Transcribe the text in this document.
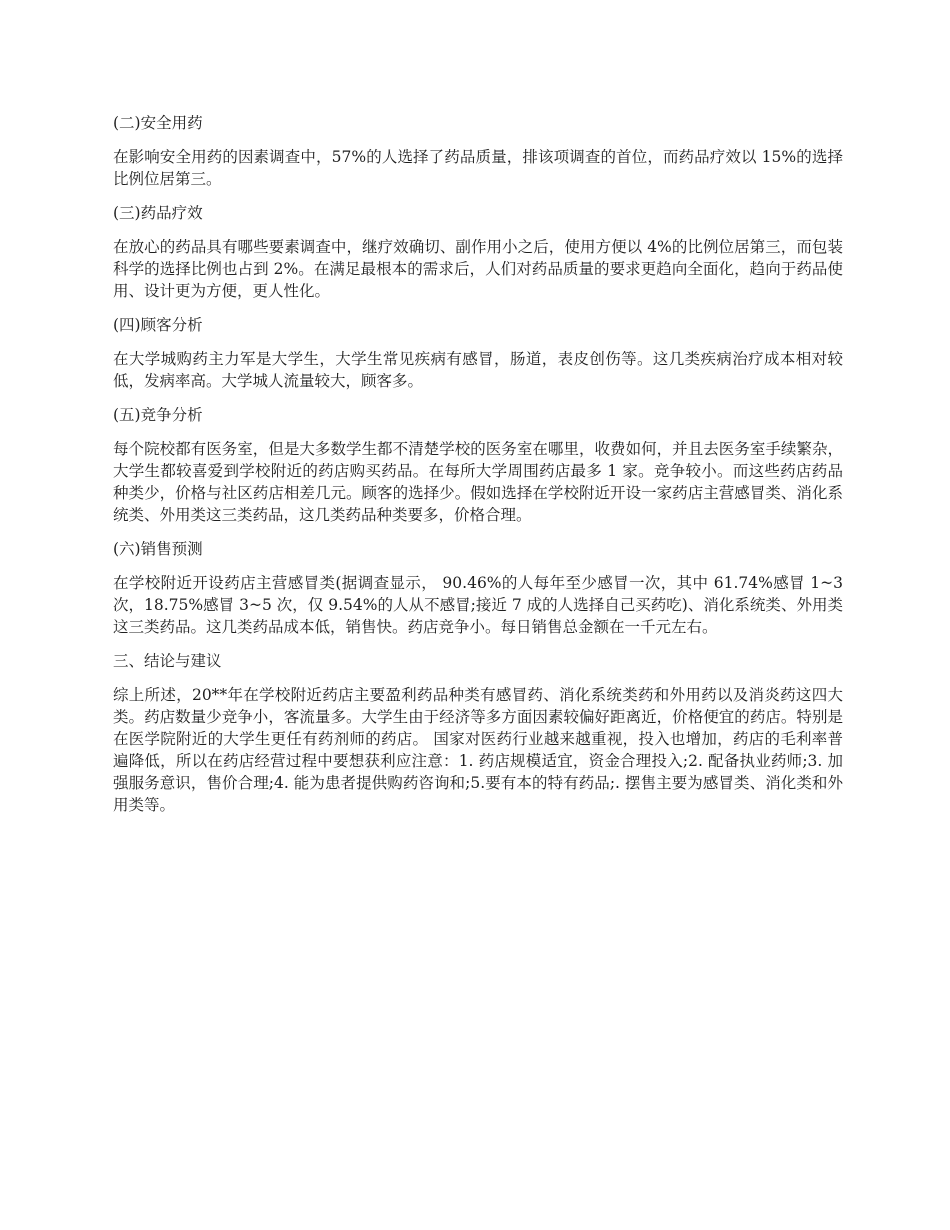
(二)安全用药
在影响安全用药的因素调查中，57%的人选择了药品质量，排该项调查的首位，而药品疗效以 15%的选择比例位居第三。
(三)药品疗效
在放心的药品具有哪些要素调查中，继疗效确切、副作用小之后，使用方便以 4%的比例位居第三，而包装科学的选择比例也占到 2%。在满足最根本的需求后，人们对药品质量的要求更趋向全面化，趋向于药品使用、设计更为方便，更人性化。
(四)顾客分析
在大学城购药主力军是大学生，大学生常见疾病有感冒，肠道，表皮创伤等。这几类疾病治疗成本相对较低，发病率高。大学城人流量较大，顾客多。
(五)竞争分析
每个院校都有医务室，但是大多数学生都不清楚学校的医务室在哪里，收费如何，并且去医务室手续繁杂，大学生都较喜爱到学校附近的药店购买药品。在每所大学周围药店最多 1 家。竞争较小。而这些药店药品种类少，价格与社区药店相差几元。顾客的选择少。假如选择在学校附近开设一家药店主营感冒类、消化系统类、外用类这三类药品，这几类药品种类要多，价格合理。
(六)销售预测
在学校附近开设药店主营感冒类(据调查显示， 90.46%的人每年至少感冒一次，其中 61.74%感冒 1~3 次，18.75%感冒 3~5 次，仅 9.54%的人从不感冒;接近 7 成的人选择自己买药吃)、消化系统类、外用类这三类药品。这几类药品成本低，销售快。药店竞争小。每日销售总金额在一千元左右。
三、结论与建议
综上所述，20**年在学校附近药店主要盈利药品种类有感冒药、消化系统类药和外用药以及消炎药这四大类。药店数量少竞争小，客流量多。大学生由于经济等多方面因素较偏好距离近，价格便宜的药店。特别是在医学院附近的大学生更任有药剂师的药店。 国家对医药行业越来越重视，投入也增加，药店的毛利率普遍降低，所以在药店经营过程中要想获利应注意：1. 药店规模适宜，资金合理投入;2. 配备执业药师;3. 加强服务意识，售价合理;4. 能为患者提供购药咨询和;5.要有本的特有药品;. 摆售主要为感冒类、消化类和外用类等。
